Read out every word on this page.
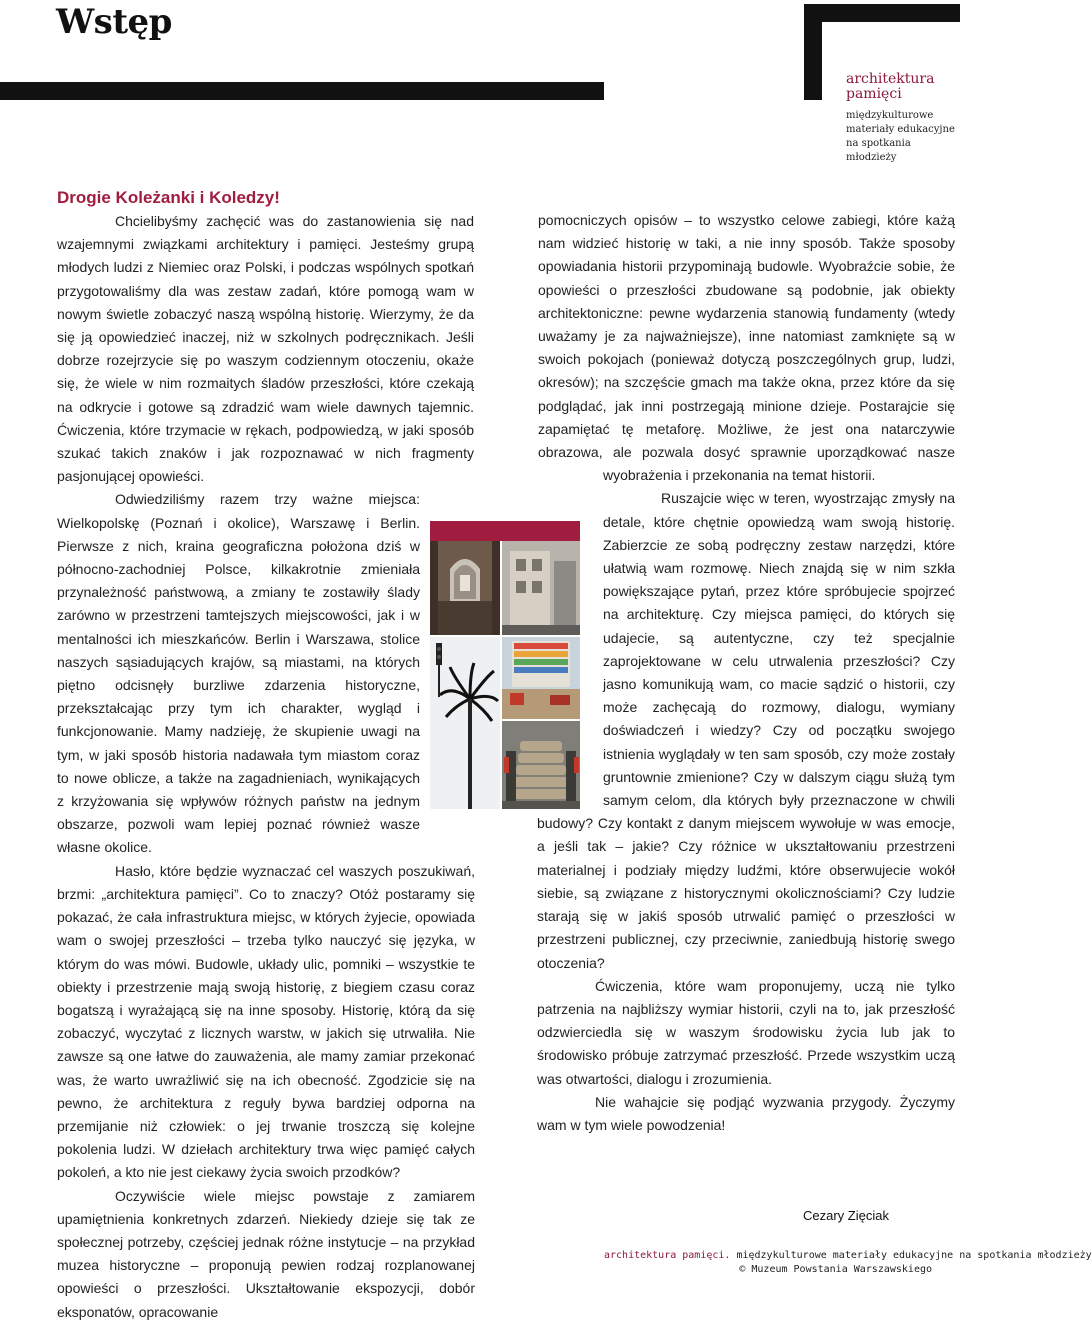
Wstęp
architektura
pamięci
międzykulturowe
materiały edukacyjne
na spotkania
młodzieży
Drogie Koleżanki i Koledzy!

Chcielibyśmy zachęcić was do zastanowienia się nad wzajemnymi związkami architektury i pamięci. Jesteśmy grupą młodych ludzi z Niemiec oraz Polski, i podczas wspólnych spotkań przygotowaliśmy dla was zestaw zadań, które pomogą wam w nowym świetle zobaczyć naszą wspólną historię. Wierzymy, że da się ją opowiedzieć inaczej, niż w szkolnych podręcznikach. Jeśli dobrze rozejrzycie się po waszym codziennym otoczeniu, okaże się, że wiele w nim rozmaitych śladów przeszłości, które czekają na odkrycie i gotowe są zdradzić wam wiele dawnych tajemnic. Ćwiczenia, które trzymacie w rękach, podpowiedzą, w jaki sposób szukać takich znaków i jak rozpoznawać w nich fragmenty pasjonującej opowieści.

Odwiedziliśmy razem trzy ważne miejsca: Wielkopolskę (Poznań i okolice), Warszawę i Berlin. Pierwsze z nich, kraina geograficzna położona dziś w północno-zachodniej Polsce, kilkakrotnie zmieniała przynależność państwową, a zmiany te zostawiły ślady zarówno w przestrzeni tamtejszych miejscowości, jak i w mentalności ich mieszkańców. Berlin i Warszawa, stolice naszych sąsiadujących krajów, są miastami, na których piętno odcisnęły burzliwe zdarzenia historyczne, przekształcając przy tym ich charakter, wygląd i funkcjonowanie. Mamy nadzieję, że skupienie uwagi na tym, w jaki sposób historia nadawała tym miastom coraz to nowe oblicze, a także na zagadnieniach, wynikających z krzyżowania się wpływów różnych państw na jednym obszarze, pozwoli wam lepiej poznać również wasze własne okolice.

Hasło, które będzie wyznaczać cel waszych poszukiwań, brzmi: „architektura pamięci”. Co to znaczy? Otóż postaramy się pokazać, że cała infrastruktura miejsc, w których żyjecie, opowiada wam o swojej przeszłości – trzeba tylko nauczyć się języka, w którym do was mówi. Budowle, układy ulic, pomniki – wszystkie te obiekty i przestrzenie mają swoją historię, z biegiem czasu coraz bogatszą i wyrażającą się na inne sposoby. Historię, którą da się zobaczyć, wyczytać z licznych warstw, w jakich się utrwaliła. Nie zawsze są one łatwe do zauważenia, ale mamy zamiar przekonać was, że warto uwrażliwić się na ich obecność. Zgodzicie się na pewno, że architektura z reguły bywa bardziej odporna na przemijanie niż człowiek: o jej trwanie troszczą się kolejne pokolenia ludzi. W dziełach architektury trwa więc pamięć całych pokoleń, a kto nie jest ciekawy życia swoich przodków?

Oczywiście wiele miejsc powstaje z zamiarem upamiętnienia konkretnych zdarzeń. Niekiedy dzieje się tak ze społecznej potrzeby, częściej jednak różne instytucje – na przykład muzea historyczne – proponują pewien rodzaj rozplanowanej opowieści o przeszłości. Ukształtowanie ekspozycji, dobór eksponatów, opracowanie

pomocniczych opisów – to wszystko celowe zabiegi, które każą nam widzieć historię w taki, a nie inny sposób. Także sposoby opowiadania historii przypominają budowle. Wyobraźcie sobie, że opowieści o przeszłości zbudowane są podobnie, jak obiekty architektoniczne: pewne wydarzenia stanowią fundamenty (wtedy uważamy je za najważniejsze), inne natomiast zamknięte są w swoich pokojach (ponieważ dotyczą poszczególnych grup, ludzi, okresów); na szczęście gmach ma także okna, przez które da się podglądać, jak inni postrzegają minione dzieje. Postarajcie się zapamiętać tę metaforę. Możliwe, że jest ona natarczywie obrazowa, ale pozwala dosyć sprawnie uporządkować nasze wyobrażenia i przekonania na temat historii.

Ruszajcie więc w teren, wyostrzając zmysły na detale, które chętnie opowiedzą wam swoją historię. Zabierzcie ze sobą podręczny zestaw narzędzi, które ułatwią wam rozmowę. Niech znajdą się w nim szkła powiększające pytań, przez które spróbujecie spojrzeć na architekturę. Czy miejsca pamięci, do których się udajecie, są autentyczne, czy też specjalnie zaprojektowane w celu utrwalenia przeszłości? Czy jasno komunikują wam, co macie sądzić o historii, czy może zachęcają do rozmowy, dialogu, wymiany doświadczeń i wiedzy? Czy od początku swojego istnienia wyglądały w ten sam sposób, czy może zostały gruntownie zmienione? Czy w dalszym ciągu służą tym samym celom, dla których były przeznaczone w chwili budowy? Czy kontakt z danym miejscem wywołuje w was emocje, a jeśli tak – jakie? Czy różnice w ukształtowaniu przestrzeni materialnej i podziały między ludźmi, które obserwujecie wokół siebie, są związane z historycznymi okolicznościami? Czy ludzie starają się w jakiś sposób utrwalić pamięć o przeszłości w przestrzeni publicznej, czy przeciwnie, zaniedbują historię swego otoczenia?

Ćwiczenia, które wam proponujemy, uczą nie tylko patrzenia na najbliższy wymiar historii, czyli na to, jak przeszłość odzwierciedla się w waszym środowisku życia lub jak to środowisko próbuje zatrzymać przeszłość. Przede wszystkim uczą was otwartości, dialogu i zrozumienia.

Nie wahajcie się podjąć wyzwania przygody. Życzymy wam w tym wiele powodzenia!

Cezary Zięciak
architektura pamięci. międzykulturowe materiały edukacyjne na spotkania młodzieży
© Muzeum Powstania Warszawskiego
